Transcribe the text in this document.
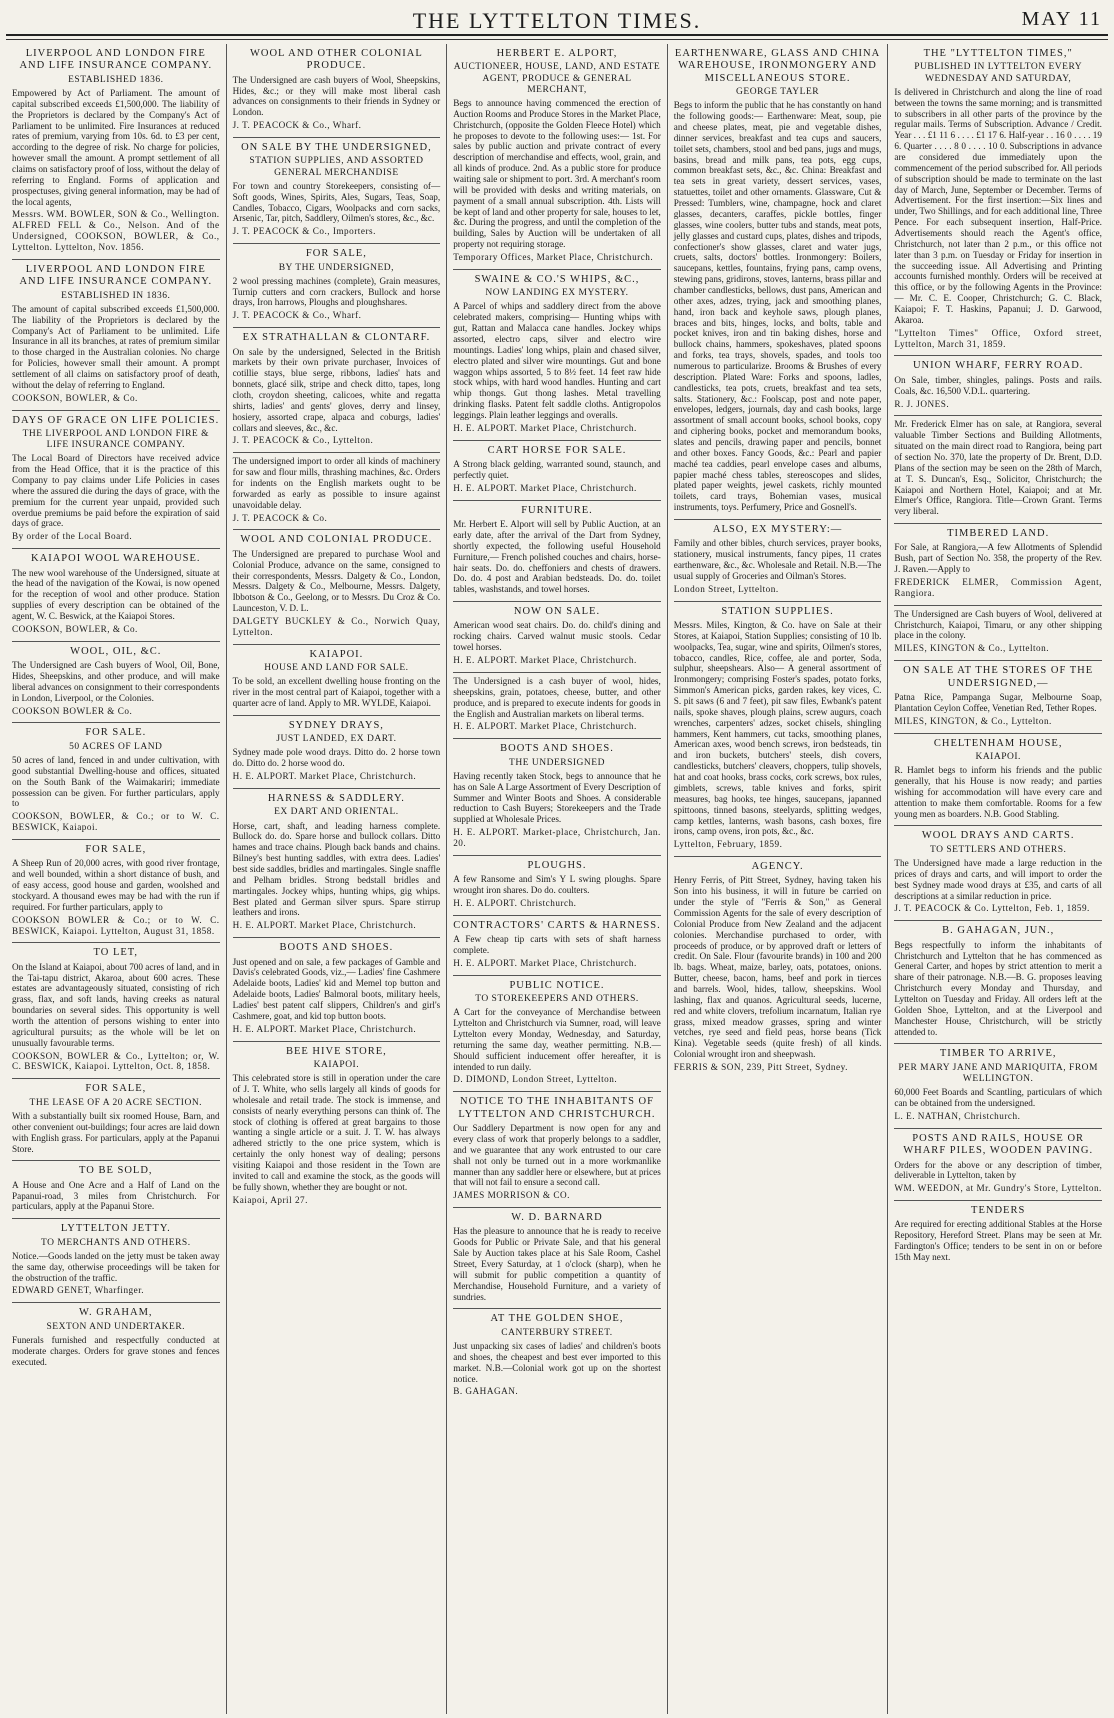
THE LYTTELTON TIMES.	MAY 11
LIVERPOOL AND LONDON FIRE AND LIFE INSURANCE COMPANY.
ESTABLISHED 1836.

Empowered by Act of Parliament. The amount of capital subscribed exceeds £1,500,000. The liability of the Proprietors is declared by the Company's Act of Parliament to be unlimited. Fire Insurances at reduced rates of premium, varying from 10s. 6d. to £3 per cent, according to the degree of risk. No charge for policies, however small the amount. A prompt settlement of all claims on satisfactory proof of loss, without the delay of referring to England. Forms of application and prospectuses, giving general information, may be had of the local agents,

Messrs. WM. BOWLER, SON & Co., Wellington. ALFRED FELL & Co., Nelson. And of the Undersigned, COOKSON, BOWLER, & Co., Lyttelton. Lyttelton, Nov. 1856.

LIVERPOOL AND LONDON FIRE AND LIFE INSURANCE COMPANY.
ESTABLISHED IN 1836.

The amount of capital subscribed exceeds £1,500,000. The liability of the Proprietors is declared by the Company's Act of Parliament to be unlimited. Life Insurance in all its branches, at rates of premium similar to those charged in the Australian colonies. No charge for Policies, however small their amount. A prompt settlement of all claims on satisfactory proof of death, without the delay of referring to England.

COOKSON, BOWLER, & Co.

DAYS OF GRACE ON LIFE POLICIES.
THE LIVERPOOL AND LONDON FIRE & LIFE INSURANCE COMPANY.

The Local Board of Directors have received advice from the Head Office, that it is the practice of this Company to pay claims under Life Policies in cases where the assured die during the days of grace, with the premium for the current year unpaid, provided such overdue premiums be paid before the expiration of said days of grace.

By order of the Local Board.

KAIAPOI WOOL WAREHOUSE.

The new wool warehouse of the Undersigned, situate at the head of the navigation of the Kowai, is now opened for the reception of wool and other produce. Station supplies of every description can be obtained of the agent, W. C. Beswick, at the Kaiapoi Stores.

COOKSON, BOWLER, & Co.

WOOL, OIL, &C.

The Undersigned are Cash buyers of Wool, Oil, Bone, Hides, Sheepskins, and other produce, and will make liberal advances on consignment to their correspondents in London, Liverpool, or the Colonies.

COOKSON BOWLER & Co.

FOR SALE.
50 ACRES OF LAND

50 acres of land, fenced in and under cultivation, with good substantial Dwelling-house and offices, situated on the South Bank of the Waimakariri; immediate possession can be given. For further particulars, apply to

COOKSON, BOWLER, & Co.; or to W. C. BESWICK, Kaiapoi.

FOR SALE,

A Sheep Run of 20,000 acres, with good river frontage, and well bounded, within a short distance of bush, and of easy access, good house and garden, woolshed and stockyard. A thousand ewes may be had with the run if required. For further particulars, apply to

COOKSON BOWLER & Co.; or to W. C. BESWICK, Kaiapoi. Lyttelton, August 31, 1858.

TO LET,

On the Island at Kaiapoi, about 700 acres of land, and in the Tai-tapu district, Akaroa, about 600 acres. These estates are advantageously situated, consisting of rich grass, flax, and soft lands, having creeks as natural boundaries on several sides. This opportunity is well worth the attention of persons wishing to enter into agricultural pursuits; as the whole will be let on unusually favourable terms.

COOKSON, BOWLER & Co., Lyttelton; or, W. C. BESWICK, Kaiapoi. Lyttelton, Oct. 8, 1858.

FOR SALE,
THE LEASE OF A 20 ACRE SECTION.

With a substantially built six roomed House, Barn, and other convenient out-buildings; four acres are laid down with English grass. For particulars, apply at the Papanui Store.

TO BE SOLD,

A House and One Acre and a Half of Land on the Papanui-road, 3 miles from Christchurch. For particulars, apply at the Papanui Store.

LYTTELTON JETTY.
TO MERCHANTS AND OTHERS.

Notice.—Goods landed on the jetty must be taken away the same day, otherwise proceedings will be taken for the obstruction of the traffic.

EDWARD GENET, Wharfinger.

W. GRAHAM,
SEXTON AND UNDERTAKER.

Funerals furnished and respectfully conducted at moderate charges. Orders for grave stones and fences executed.

WOOL AND OTHER COLONIAL PRODUCE.

The Undersigned are cash buyers of Wool, Sheepskins, Hides, &c.; or they will make most liberal cash advances on consignments to their friends in Sydney or London.

J. T. PEACOCK & Co., Wharf.

ON SALE BY THE UNDERSIGNED,
STATION SUPPLIES, AND ASSORTED GENERAL MERCHANDISE

For town and country Storekeepers, consisting of— Soft goods, Wines, Spirits, Ales, Sugars, Teas, Soap, Candles, Tobacco, Cigars, Woolpacks and corn sacks, Arsenic, Tar, pitch, Saddlery, Oilmen's stores, &c., &c.

J. T. PEACOCK & Co., Importers.

FOR SALE,
BY THE UNDERSIGNED,

2 wool pressing machines (complete), Grain measures, Turnip cutters and corn crackers, Bullock and horse drays, Iron harrows, Ploughs and ploughshares.

J. T. PEACOCK & Co., Wharf.

EX STRATHALLAN & CLONTARF.

On sale by the undersigned, Selected in the British markets by their own private purchaser, Invoices of cotillie stays, blue serge, ribbons, ladies' hats and bonnets, glacé silk, stripe and check ditto, tapes, long cloth, croydon sheeting, calicoes, white and regatta shirts, ladies' and gents' gloves, derry and linsey, hosiery, assorted crape, alpaca and coburgs, ladies' collars and sleeves, &c., &c.

J. T. PEACOCK & Co., Lyttelton.

The undersigned import to order all kinds of machinery for saw and flour mills, thrashing machines, &c. Orders for indents on the English markets ought to be forwarded as early as possible to insure against unavoidable delay.

J. T. PEACOCK & Co.

WOOL AND COLONIAL PRODUCE.

The Undersigned are prepared to purchase Wool and Colonial Produce, advance on the same, consigned to their correspondents, Messrs. Dalgety & Co., London, Messrs. Dalgety & Co., Melbourne, Messrs. Dalgety, Ibbotson & Co., Geelong, or to Messrs. Du Croz & Co. Launceston, V. D. L.

DALGETY BUCKLEY & Co., Norwich Quay, Lyttelton.

KAIAPOI.
HOUSE AND LAND FOR SALE.

To be sold, an excellent dwelling house fronting on the river in the most central part of Kaiapoi, together with a quarter acre of land. Apply to MR. WYLDE, Kaiapoi.

SYDNEY DRAYS,
JUST LANDED, EX DART.

Sydney made pole wood drays. Ditto do. 2 horse town do. Ditto do. 2 horse wood do.

H. E. ALPORT. Market Place, Christchurch.

HARNESS & SADDLERY.
EX DART AND ORIENTAL.

Horse, cart, shaft, and leading harness complete. Bullock do. do. Spare horse and bullock collars. Ditto hames and trace chains. Plough back bands and chains. Bilney's best hunting saddles, with extra dees. Ladies' best side saddles, bridles and martingales. Single snaffle and Pelham bridles. Strong bedstall bridles and martingales. Jockey whips, hunting whips, gig whips. Best plated and German silver spurs. Spare stirrup leathers and irons.

H. E. ALPORT. Market Place, Christchurch.

BOOTS AND SHOES.

Just opened and on sale, a few packages of Gamble and Davis's celebrated Goods, viz.,— Ladies' fine Cashmere Adelaide boots, Ladies' kid and Memel top button and Adelaide boots, Ladies' Balmoral boots, military heels, Ladies' best patent calf slippers, Children's and girl's Cashmere, goat, and kid top button boots.

H. E. ALPORT. Market Place, Christchurch.

BEE HIVE STORE,
KAIAPOI.

This celebrated store is still in operation under the care of J. T. White, who sells largely all kinds of goods for wholesale and retail trade. The stock is immense, and consists of nearly everything persons can think of. The stock of clothing is offered at great bargains to those wanting a single article or a suit. J. T. W. has always adhered strictly to the one price system, which is certainly the only honest way of dealing; persons visiting Kaiapoi and those resident in the Town are invited to call and examine the stock, as the goods will be fully shown, whether they are bought or not.

Kaiapoi, April 27.

HERBERT E. ALPORT,
AUCTIONEER, HOUSE, LAND, AND ESTATE AGENT, PRODUCE & GENERAL MERCHANT,

Begs to announce having commenced the erection of Auction Rooms and Produce Stores in the Market Place, Christchurch, (opposite the Golden Fleece Hotel) which he proposes to devote to the following uses:— 1st. For sales by public auction and private contract of every description of merchandise and effects, wool, grain, and all kinds of produce. 2nd. As a public store for produce waiting sale or shipment to port. 3rd. A merchant's room will be provided with desks and writing materials, on payment of a small annual subscription. 4th. Lists will be kept of land and other property for sale, houses to let, &c. During the progress, and until the completion of the building, Sales by Auction will be undertaken of all property not requiring storage.

Temporary Offices, Market Place, Christchurch.

SWAINE & CO.'S WHIPS, &C.,
NOW LANDING EX MYSTERY.

A Parcel of whips and saddlery direct from the above celebrated makers, comprising— Hunting whips with gut, Rattan and Malacca cane handles. Jockey whips assorted, electro caps, silver and electro wire mountings. Ladies' long whips, plain and chased silver, electro plated and silver wire mountings. Gut and bone waggon whips assorted, 5 to 8½ feet. 14 feet raw hide stock whips, with hard wood handles. Hunting and cart whip thongs. Gut thong lashes. Metal travelling drinking flasks. Patent felt saddle cloths. Antigropolos leggings. Plain leather leggings and overalls.

H. E. ALPORT. Market Place, Christchurch.

CART HORSE FOR SALE.

A Strong black gelding, warranted sound, staunch, and perfectly quiet.

H. E. ALPORT. Market Place, Christchurch.

FURNITURE.

Mr. Herbert E. Alport will sell by Public Auction, at an early date, after the arrival of the Dart from Sydney, shortly expected, the following useful Household Furniture,— French polished couches and chairs, horse-hair seats. Do. do. cheffoniers and chests of drawers. Do. do. 4 post and Arabian bedsteads. Do. do. toilet tables, washstands, and towel horses.

NOW ON SALE.

American wood seat chairs. Do. do. child's dining and rocking chairs. Carved walnut music stools. Cedar towel horses.

H. E. ALPORT. Market Place, Christchurch.

The Undersigned is a cash buyer of wool, hides, sheepskins, grain, potatoes, cheese, butter, and other produce, and is prepared to execute indents for goods in the English and Australian markets on liberal terms.

H. E. ALPORT. Market Place, Christchurch.

BOOTS AND SHOES.
THE UNDERSIGNED

Having recently taken Stock, begs to announce that he has on Sale A Large Assortment of Every Description of Summer and Winter Boots and Shoes. A considerable reduction to Cash Buyers; Storekeepers and the Trade supplied at Wholesale Prices.

H. E. ALPORT. Market-place, Christchurch, Jan. 20.

PLOUGHS.

A few Ransome and Sim's Y L swing ploughs. Spare wrought iron shares. Do do. coulters.

H. E. ALPORT. Christchurch.

CONTRACTORS' CARTS & HARNESS.

A Few cheap tip carts with sets of shaft harness complete.

H. E. ALPORT. Market Place, Christchurch.

PUBLIC NOTICE.
TO STOREKEEPERS AND OTHERS.

A Cart for the conveyance of Merchandise between Lyttelton and Christchurch via Sumner, road, will leave Lyttelton every Monday, Wednesday, and Saturday, returning the same day, weather permitting. N.B.—Should sufficient inducement offer hereafter, it is intended to run daily.

D. DIMOND, London Street, Lyttelton.

NOTICE TO THE INHABITANTS OF LYTTELTON AND CHRISTCHURCH.

Our Saddlery Department is now open for any and every class of work that properly belongs to a saddler, and we guarantee that any work entrusted to our care shall not only be turned out in a more workmanlike manner than any saddler here or elsewhere, but at prices that will not fail to ensure a second call.

JAMES MORRISON & CO.

W. D. BARNARD

Has the pleasure to announce that he is ready to receive Goods for Public or Private Sale, and that his general Sale by Auction takes place at his Sale Room, Cashel Street, Every Saturday, at 1 o'clock (sharp), when he will submit for public competition a quantity of Merchandise, Household Furniture, and a variety of sundries.

AT THE GOLDEN SHOE,
CANTERBURY STREET.

Just unpacking six cases of ladies' and children's boots and shoes, the cheapest and best ever imported to this market. N.B.—Colonial work got up on the shortest notice.

B. GAHAGAN.

EARTHENWARE, GLASS AND CHINA WAREHOUSE, IRONMONGERY AND MISCELLANEOUS STORE.
GEORGE TAYLER

Begs to inform the public that he has constantly on hand the following goods:— Earthenware: Meat, soup, pie and cheese plates, meat, pie and vegetable dishes, dinner services, breakfast and tea cups and saucers, toilet sets, chambers, stool and bed pans, jugs and mugs, basins, bread and milk pans, tea pots, egg cups, common breakfast sets, &c., &c. China: Breakfast and tea sets in great variety, dessert services, vases, statuettes, toilet and other ornaments. Glassware, Cut & Pressed: Tumblers, wine, champagne, hock and claret glasses, decanters, caraffes, pickle bottles, finger glasses, wine coolers, butter tubs and stands, meat pots, jelly glasses and custard cups, plates, dishes and tripods, confectioner's show glasses, claret and water jugs, cruets, salts, doctors' bottles. Ironmongery: Boilers, saucepans, kettles, fountains, frying pans, camp ovens, stewing pans, gridirons, stoves, lanterns, brass pillar and chamber candlesticks, bellows, dust pans, American and other axes, adzes, trying, jack and smoothing planes, hand, iron back and keyhole saws, plough planes, braces and bits, hinges, locks, and bolts, table and pocket knives, iron and tin baking dishes, horse and bullock chains, hammers, spokeshaves, plated spoons and forks, tea trays, shovels, spades, and tools too numerous to particularize. Brooms & Brushes of every description. Plated Ware: Forks and spoons, ladles, candlesticks, tea pots, cruets, breakfast and tea sets, salts. Stationery, &c.: Foolscap, post and note paper, envelopes, ledgers, journals, day and cash books, large assortment of small account books, school books, copy and ciphering books, pocket and memorandum books, slates and pencils, drawing paper and pencils, bonnet and other boxes. Fancy Goods, &c.: Pearl and papier maché tea caddies, pearl envelope cases and albums, papier maché chess tables, stereoscopes and slides, plated paper weights, jewel caskets, richly mounted toilets, card trays, Bohemian vases, musical instruments, toys. Perfumery, Price and Gosnell's.

ALSO, EX MYSTERY:—

Family and other bibles, church services, prayer books, stationery, musical instruments, fancy pipes, 11 crates earthenware, &c., &c. Wholesale and Retail. N.B.—The usual supply of Groceries and Oilman's Stores.

London Street, Lyttelton.

STATION SUPPLIES.

Messrs. Miles, Kington, & Co. have on Sale at their Stores, at Kaiapoi, Station Supplies; consisting of 10 lb. woolpacks, Tea, sugar, wine and spirits, Oilmen's stores, tobacco, candles, Rice, coffee, ale and porter, Soda, sulphur, sheepshears. Also— A general assortment of Ironmongery; comprising Foster's spades, potato forks, Simmon's American picks, garden rakes, key vices, C. S. pit saws (6 and 7 feet), pit saw files, Ewbank's patent nails, spoke shaves, plough plains, screw augurs, coach wrenches, carpenters' adzes, socket chisels, shingling hammers, Kent hammers, cut tacks, smoothing planes, American axes, wood bench screws, iron bedsteads, tin and iron buckets, butchers' steels, dish covers, candlesticks, butchers' cleavers, choppers, tulip shovels, hat and coat hooks, brass cocks, cork screws, box rules, gimblets, screws, table knives and forks, spirit measures, bag hooks, tee hinges, saucepans, japanned spittoons, tinned basons, steelyards, splitting wedges, camp kettles, lanterns, wash basons, cash boxes, fire irons, camp ovens, iron pots, &c., &c.

Lyttelton, February, 1859.

AGENCY.

Henry Ferris, of Pitt Street, Sydney, having taken his Son into his business, it will in future be carried on under the style of "Ferris & Son," as General Commission Agents for the sale of every description of Colonial Produce from New Zealand and the adjacent colonies. Merchandise purchased to order, with proceeds of produce, or by approved draft or letters of credit. On Sale. Flour (favourite brands) in 100 and 200 lb. bags. Wheat, maize, barley, oats, potatoes, onions. Butter, cheese, bacon, hams, beef and pork in tierces and barrels. Wool, hides, tallow, sheepskins. Wool lashing, flax and quanos. Agricultural seeds, lucerne, red and white clovers, trefolium incarnatum, Italian rye grass, mixed meadow grasses, spring and winter vetches, rye seed and field peas, horse beans (Tick Kina). Vegetable seeds (quite fresh) of all kinds. Colonial wrought iron and sheepwash.

FERRIS & SON, 239, Pitt Street, Sydney.

THE "LYTTELTON TIMES,"
PUBLISHED IN LYTTELTON EVERY WEDNESDAY AND SATURDAY,

Is delivered in Christchurch and along the line of road between the towns the same morning; and is transmitted to subscribers in all other parts of the province by the regular mails. Terms of Subscription. Advance / Credit. Year . . . £1 11 6 . . . . £1 17 6. Half-year . . 16 0 . . . . 19 6. Quarter . . . . 8 0 . . . . 10 0. Subscriptions in advance are considered due immediately upon the commencement of the period subscribed for. All periods of subscription should be made to terminate on the last day of March, June, September or December. Terms of Advertisement. For the first insertion:—Six lines and under, Two Shillings, and for each additional line, Three Pence. For each subsequent insertion, Half-Price. Advertisements should reach the Agent's office, Christchurch, not later than 2 p.m., or this office not later than 3 p.m. on Tuesday or Friday for insertion in the succeeding issue. All Advertising and Printing accounts furnished monthly. Orders will be received at this office, or by the following Agents in the Province:— Mr. C. E. Cooper, Christchurch; G. C. Black, Kaiapoi; F. T. Haskins, Papanui; J. D. Garwood, Akaroa.

"Lyttelton Times" Office, Oxford street, Lyttelton, March 31, 1859.

UNION WHARF, FERRY ROAD.

On Sale, timber, shingles, palings. Posts and rails. Coals, &c. 16,500 V.D.L. quartering.

R. J. JONES.

Mr. Frederick Elmer has on sale, at Rangiora, several valuable Timber Sections and Building Allotments, situated on the main direct road to Rangiora, being part of section No. 370, late the property of Dr. Brent, D.D. Plans of the section may be seen on the 28th of March, at T. S. Duncan's, Esq., Solicitor, Christchurch; the Kaiapoi and Northern Hotel, Kaiapoi; and at Mr. Elmer's Office, Rangiora. Title—Crown Grant. Terms very liberal.

TIMBERED LAND.

For Sale, at Rangiora,—A few Allotments of Splendid Bush, part of Section No. 358, the property of the Rev. J. Raven.—Apply to

FREDERICK ELMER, Commission Agent, Rangiora.

The Undersigned are Cash buyers of Wool, delivered at Christchurch, Kaiapoi, Timaru, or any other shipping place in the colony.

MILES, KINGTON & Co., Lyttelton.

ON SALE AT THE STORES OF THE UNDERSIGNED,—

Patna Rice, Pampanga Sugar, Melbourne Soap, Plantation Ceylon Coffee, Venetian Red, Tether Ropes.

MILES, KINGTON, & Co., Lyttelton.

CHELTENHAM HOUSE,
KAIAPOI.

R. Hamlet begs to inform his friends and the public generally, that his House is now ready; and parties wishing for accommodation will have every care and attention to make them comfortable. Rooms for a few young men as boarders. N.B. Good Stabling.

WOOL DRAYS AND CARTS.
TO SETTLERS AND OTHERS.

The Undersigned have made a large reduction in the prices of drays and carts, and will import to order the best Sydney made wood drays at £35, and carts of all descriptions at a similar reduction in price.

J. T. PEACOCK & Co. Lyttelton, Feb. 1, 1859.

B. GAHAGAN, JUN.,

Begs respectfully to inform the inhabitants of Christchurch and Lyttelton that he has commenced as General Carter, and hopes by strict attention to merit a share of their patronage. N.B.—B. G. proposes leaving Christchurch every Monday and Thursday, and Lyttelton on Tuesday and Friday. All orders left at the Golden Shoe, Lyttelton, and at the Liverpool and Manchester House, Christchurch, will be strictly attended to.

TIMBER TO ARRIVE,
PER MARY JANE AND MARIQUITA, FROM WELLINGTON.

60,000 Feet Boards and Scantling, particulars of which can be obtained from the undersigned.

L. E. NATHAN, Christchurch.

POSTS AND RAILS, HOUSE OR WHARF PILES, WOODEN PAVING.

Orders for the above or any description of timber, deliverable in Lyttelton, taken by

WM. WEEDON, at Mr. Gundry's Store, Lyttelton.

TENDERS

Are required for erecting additional Stables at the Horse Repository, Hereford Street. Plans may be seen at Mr. Fardington's Office; tenders to be sent in on or before 15th May next.
